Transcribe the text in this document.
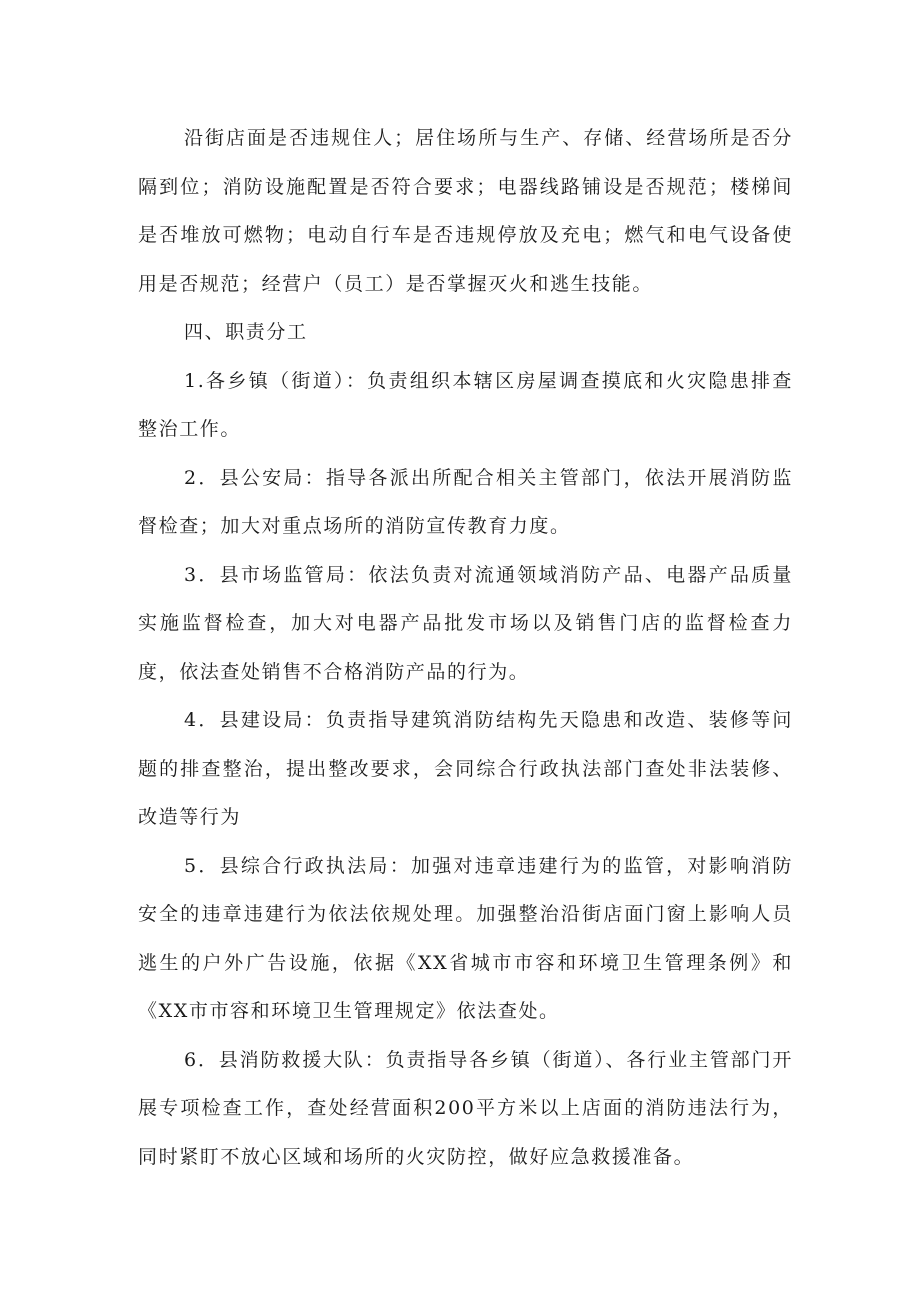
沿街店面是否违规住人；居住场所与生产、存储、经营场所是否分隔到位；消防设施配置是否符合要求；电器线路铺设是否规范；楼梯间是否堆放可燃物；电动自行车是否违规停放及充电；燃气和电气设备使用是否规范；经营户（员工）是否掌握灭火和逃生技能。

四、职责分工

1.各乡镇（街道）：负责组织本辖区房屋调查摸底和火灾隐患排查整治工作。

2．县公安局：指导各派出所配合相关主管部门，依法开展消防监督检查；加大对重点场所的消防宣传教育力度。

3．县市场监管局：依法负责对流通领域消防产品、电器产品质量实施监督检查，加大对电器产品批发市场以及销售门店的监督检查力度，依法查处销售不合格消防产品的行为。

4．县建设局：负责指导建筑消防结构先天隐患和改造、装修等问题的排查整治，提出整改要求，会同综合行政执法部门查处非法装修、改造等行为

5．县综合行政执法局：加强对违章违建行为的监管，对影响消防安全的违章违建行为依法依规处理。加强整治沿街店面门窗上影响人员逃生的户外广告设施，依据《XX省城市市容和环境卫生管理条例》和《XX市市容和环境卫生管理规定》依法查处。

6．县消防救援大队：负责指导各乡镇（街道）、各行业主管部门开展专项检查工作，查处经营面积200平方米以上店面的消防违法行为，同时紧盯不放心区域和场所的火灾防控，做好应急救援准备。
